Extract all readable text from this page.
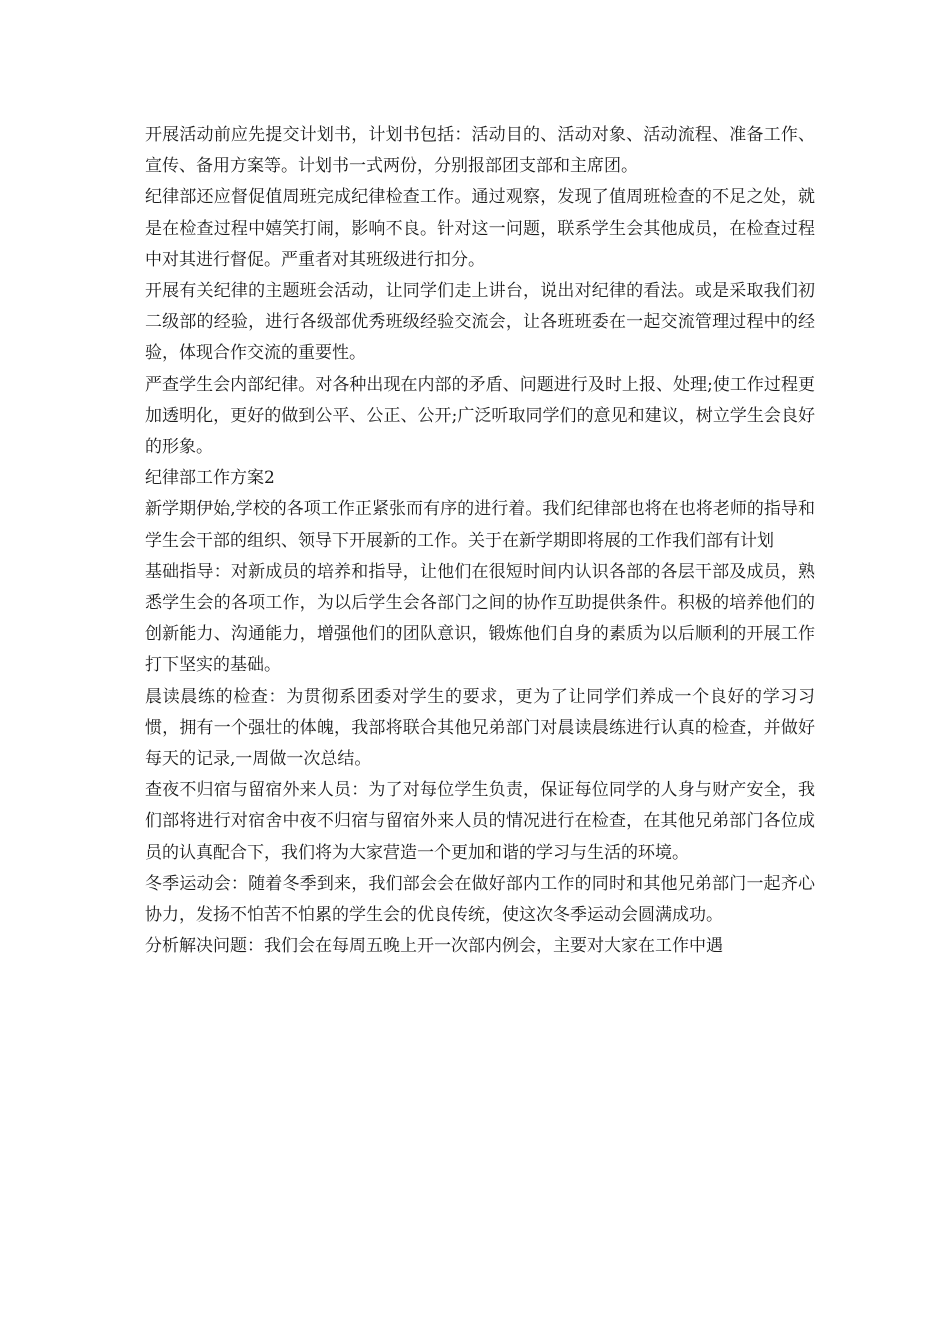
开展活动前应先提交计划书，计划书包括：活动目的、活动对象、活动流程、准备工作、宣传、备用方案等。计划书一式两份，分别报部团支部和主席团。

纪律部还应督促值周班完成纪律检查工作。通过观察，发现了值周班检查的不足之处，就是在检查过程中嬉笑打闹，影响不良。针对这一问题，联系学生会其他成员，在检查过程中对其进行督促。严重者对其班级进行扣分。

开展有关纪律的主题班会活动，让同学们走上讲台，说出对纪律的看法。或是采取我们初二级部的经验，进行各级部优秀班级经验交流会，让各班班委在一起交流管理过程中的经验，体现合作交流的重要性。

严查学生会内部纪律。对各种出现在内部的矛盾、问题进行及时上报、处理;使工作过程更加透明化，更好的做到公平、公正、公开;广泛听取同学们的意见和建议，树立学生会良好的形象。

纪律部工作方案2

新学期伊始,学校的各项工作正紧张而有序的进行着。我们纪律部也将在也将老师的指导和学生会干部的组织、领导下开展新的工作。关于在新学期即将展的工作我们部有计划

基础指导：对新成员的培养和指导，让他们在很短时间内认识各部的各层干部及成员，熟悉学生会的各项工作，为以后学生会各部门之间的协作互助提供条件。积极的培养他们的创新能力、沟通能力，增强他们的团队意识，锻炼他们自身的素质为以后顺利的开展工作打下坚实的基础。

晨读晨练的检查：为贯彻系团委对学生的要求，更为了让同学们养成一个良好的学习习惯，拥有一个强壮的体魄，我部将联合其他兄弟部门对晨读晨练进行认真的检查，并做好每天的记录,一周做一次总结。

查夜不归宿与留宿外来人员：为了对每位学生负责，保证每位同学的人身与财产安全，我们部将进行对宿舍中夜不归宿与留宿外来人员的情况进行在检查，在其他兄弟部门各位成员的认真配合下，我们将为大家营造一个更加和谐的学习与生活的环境。

冬季运动会：随着冬季到来，我们部会会在做好部内工作的同时和其他兄弟部门一起齐心协力，发扬不怕苦不怕累的学生会的优良传统，使这次冬季运动会圆满成功。

分析解决问题：我们会在每周五晚上开一次部内例会，主要对大家在工作中遇
